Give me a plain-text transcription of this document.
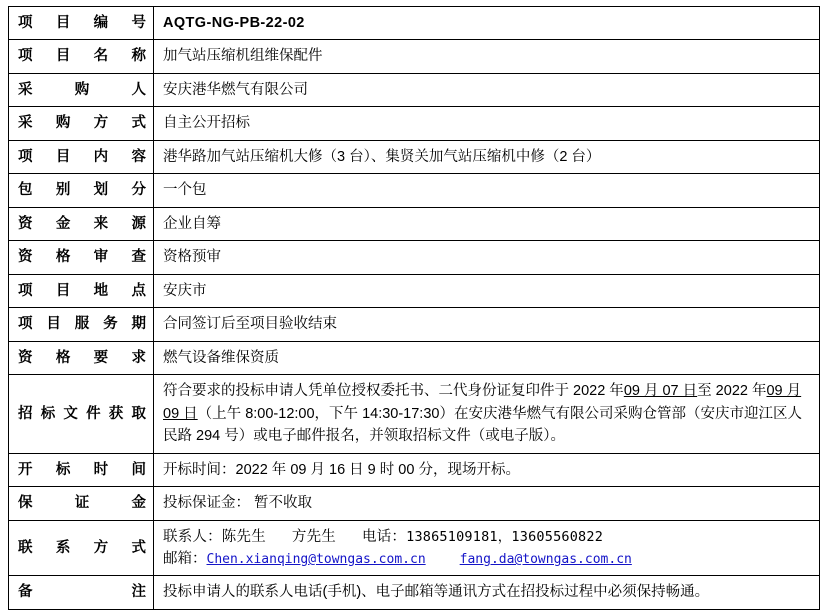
项目编号	AQTG-NG-PB-22-02
项目名称	加气站压缩机组维保配件
采购人	安庆港华燃气有限公司
采购方式	自主公开招标
项目内容	港华路加气站压缩机大修（3 台）、集贤关加气站压缩机中修（2 台）
包别划分	一个包
资金来源	企业自筹
资格审查	资格预审
项目地点	安庆市
项目服务期	合同签订后至项目验收结束
资格要求	燃气设备维保资质
招标文件获取	符合要求的投标申请人凭单位授权委托书、二代身份证复印件于 2022 年09 月 07 日至 2022 年09 月 09 日（上午 8:00-12:00，下午 14:30-17:30）在安庆港华燃气有限公司采购仓管部（安庆市迎江区人民路 294 号）或电子邮件报名，并领取招标文件（或电子版）。
开标时间	开标时间：2022 年 09 月 16 日 9 时 00 分，现场开标。
保证金	投标保证金： 暂不收取
联系方式	联系人：陈先生 方先生 电话：13865109181，13605560822
邮箱：Chen.xianqing@towngas.com.cn fang.da@towngas.com.cn

备注	投标申请人的联系人电话(手机)、电子邮箱等通讯方式在招投标过程中必须保持畅通。
